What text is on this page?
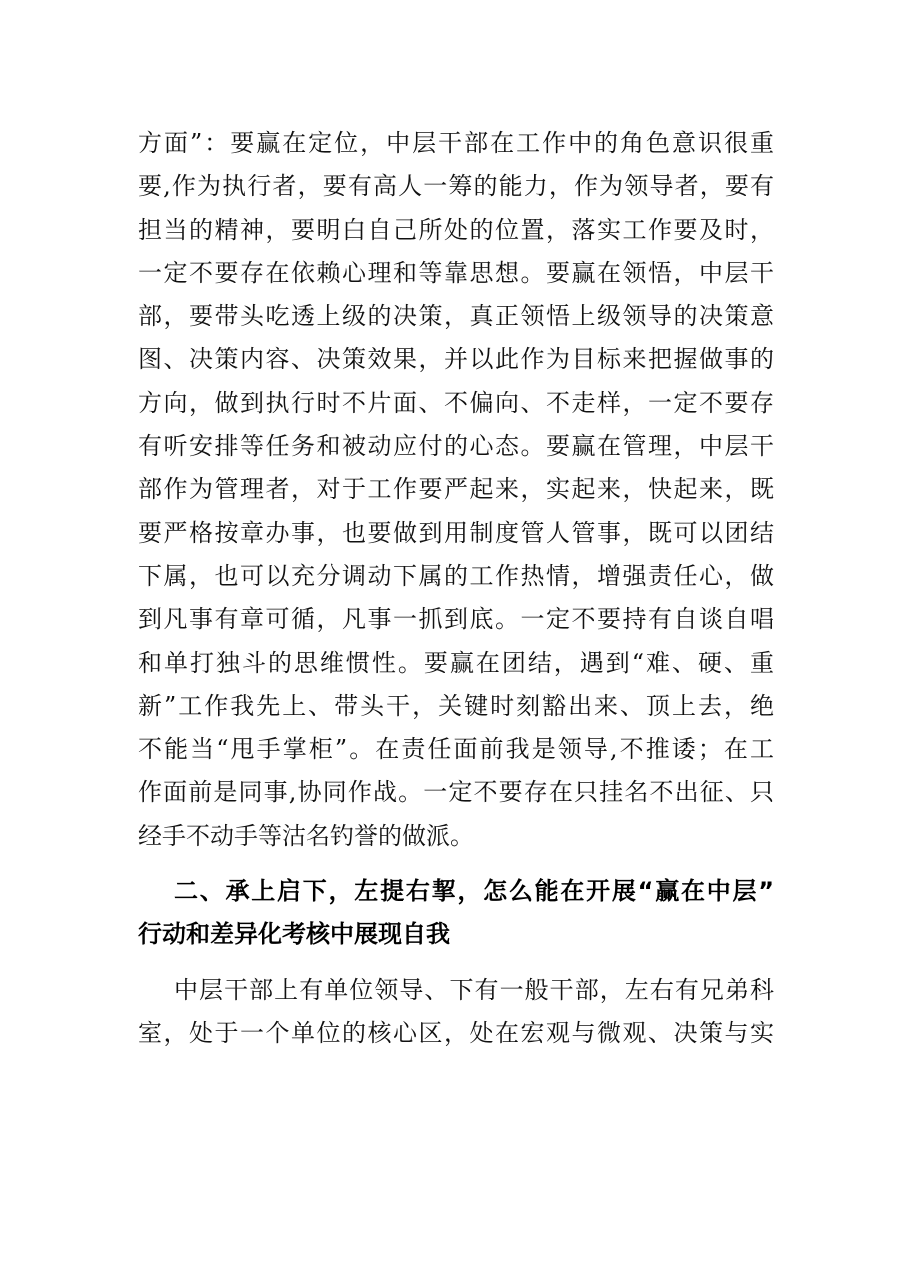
方面”：要赢在定位，中层干部在工作中的角色意识很重
要,作为执行者，要有高人一筹的能力，作为领导者，要有
担当的精神，要明白自己所处的位置，落实工作要及时，
一定不要存在依赖心理和等靠思想。要赢在领悟，中层干
部，要带头吃透上级的决策，真正领悟上级领导的决策意
图、决策内容、决策效果，并以此作为目标来把握做事的
方向，做到执行时不片面、不偏向、不走样，一定不要存
有听安排等任务和被动应付的心态。要赢在管理，中层干
部作为管理者，对于工作要严起来，实起来，快起来，既
要严格按章办事，也要做到用制度管人管事，既可以团结
下属，也可以充分调动下属的工作热情，增强责任心，做
到凡事有章可循，凡事一抓到底。一定不要持有自谈自唱
和单打独斗的思维惯性。要赢在团结，遇到“难、硬、重
新”工作我先上、带头干，关键时刻豁出来、顶上去，绝
不能当“甩手掌柜”。在责任面前我是领导,不推诿；在工
作面前是同事,协同作战。一定不要存在只挂名不出征、只
经手不动手等沽名钓誉的做派。
二、承上启下，左提右挈，怎么能在开展“赢在中层”
行动和差异化考核中展现自我
中层干部上有单位领导、下有一般干部，左右有兄弟科
室，处于一个单位的核心区，处在宏观与微观、决策与实
